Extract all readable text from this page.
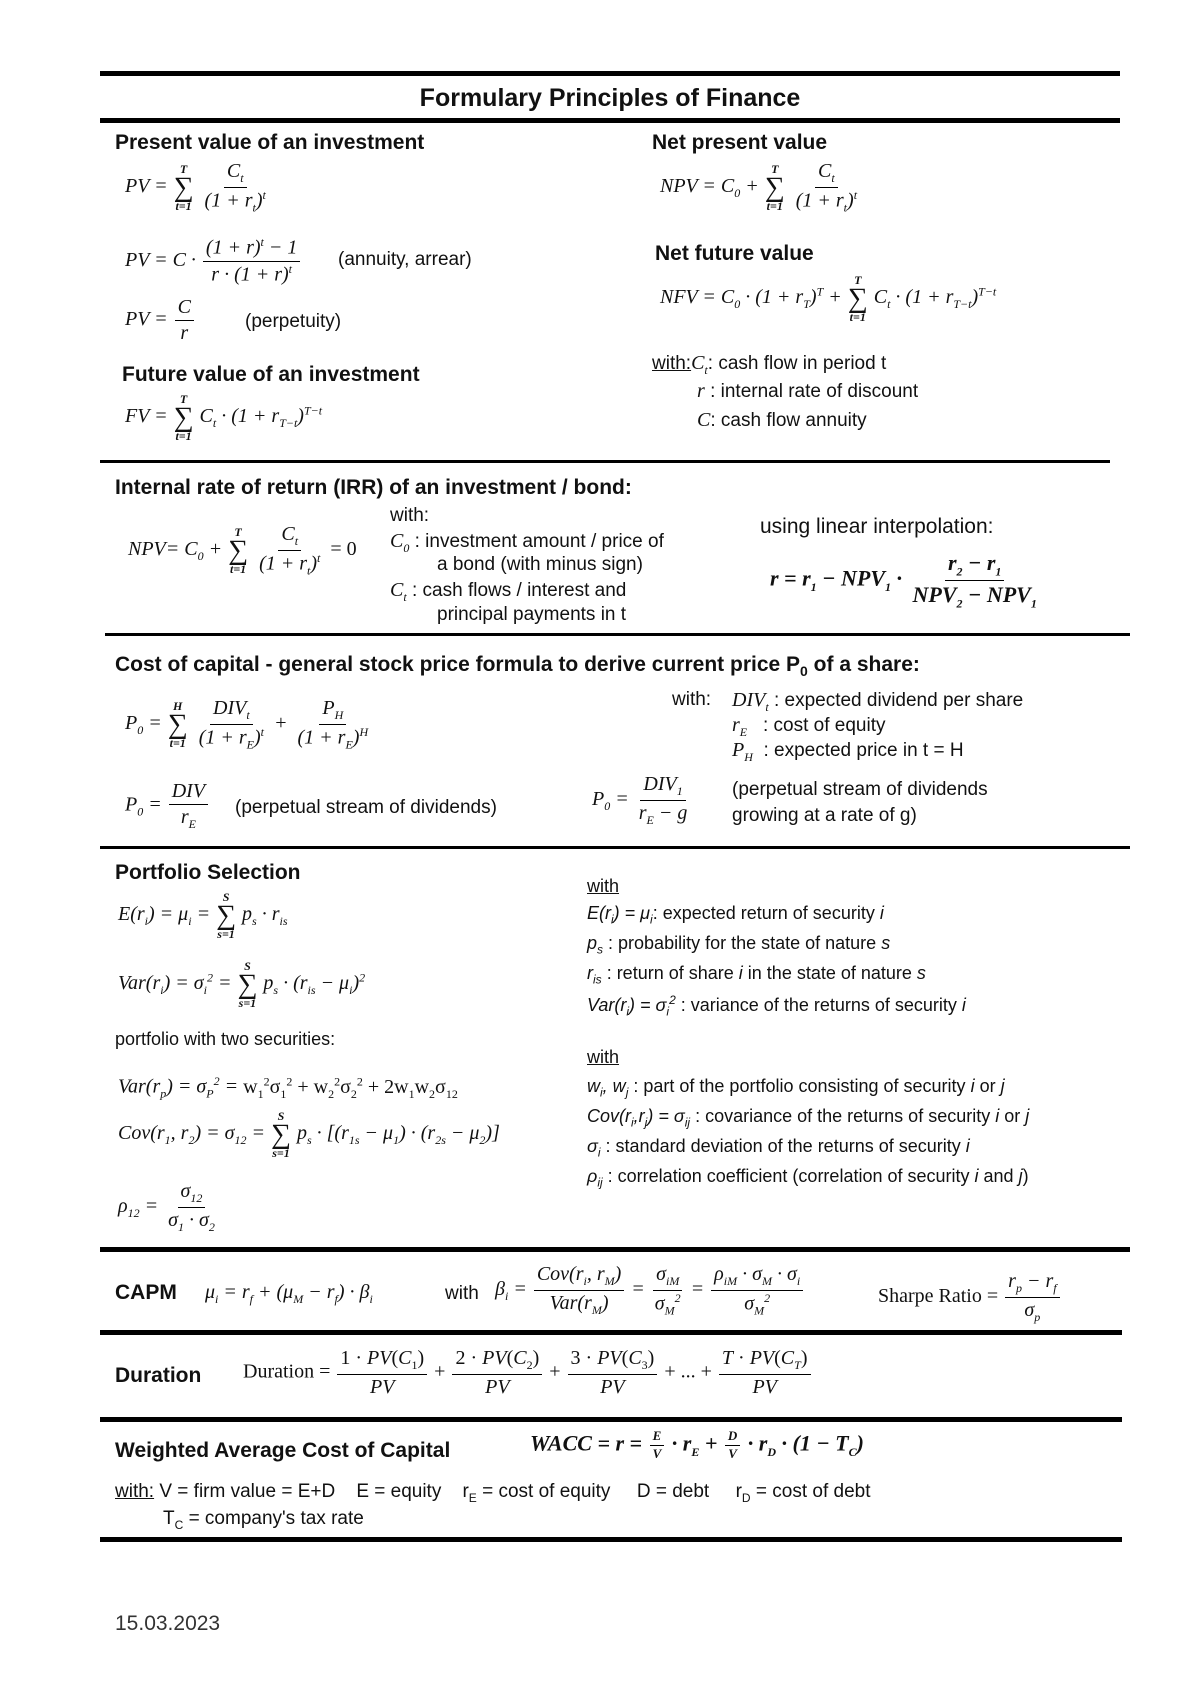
Formulary Principles of Finance
Present value of an investment
PV =
T
∑
t=1
$\frac{C_t}{(1 + r_t)^t}$
PV = $C \cdot \frac{(1 + r)^t - 1}{r \cdot (1 + r)^t}$ (annuity, arrear)
PV = $\frac{C}{r}$	(perpetuity)
Future value of an investment
FV =
T
∑
t=1
$C_t \cdot (1 + r_{T-t})^{T-t}$
Net present value
NPV = $C_0$ +
T
∑
t=1
$\frac{C_t}{(1 + r_t)^t}$
Net future value
NFV = $C_0 \cdot (1 + r_T)^T$ +
T
∑
t=1
$C_t \cdot (1 + r_{T-t})^{T-t}$
$with:C_t$: cash flow in period t
r : internal rate of discount
C: cash flow annuity
Internal rate of return (IRR) of an investment / bond:
$NPV= C_0$ +
T
∑
t=1
$\frac{C_t}{(1 + r_t)^t} = 0$
with:
$C_0$ : investment amount / price of
a bond (with minus sign)
$C_t$ : cash flows / interest and
principal payments in t
using linear interpolation:
$r = r_1 - NPV_1 \cdot \frac{r_2 - r_1}{NPV_2 - NPV_1}$
Cost of capital - general stock price formula to derive current price $P_0$ of a share:
$P_0$ =
H
∑
t=1
$\frac{DIV_t}{(1 + r_E)^t} + \frac{P_H}{(1 + r_E)^H}$
$P_0 = \frac{\text{DIV}}{r_E}$ (perpetual stream of dividends)
with: $DIV_t$ : expected dividend per share
$r_E$ : cost of equity
$P_H$ : expected price in t = H
$P_0 = \frac{DIV_1}{r_E - g}$ (perpetual stream of dividends
growing at a rate of g)
Portfolio Selection
$E(r_i) = \mu_i$ =
S
∑
s=1
$p_s \cdot r_{is}$
$Var(r_i) = \sigma_i^2$ =
S
∑
s=1
$p_s \cdot (r_{is} - \mu_i)^2$
portfolio with two securities:
$Var(r_p) = \sigma_P^2 = w_1^2\sigma_1^2 + w_2^2\sigma_2^2 + 2w_1w_2\sigma_{12}$
$Cov(r_1$, $r_2) = \sigma_{12}$ =
S
∑
s=1
$p_s \cdot [(r_{1s} - \mu_1) \cdot (r_{2s} - \mu_2)]$
$\rho_{12} = \frac{\sigma_{12}}{\sigma_1 \cdot \sigma_2}$
with
$E(r_i) = \mu_i$: expected return of security i
$p_s$ : probability for the state of nature s
$r_{is}$ : return of share i in the state of nature s
$Var(r_i) = \sigma_i^2$ : variance of the returns of security i
with
$w_i$, $w_j$ : part of the portfolio consisting of security i or j
$Cov(r_i,r_j) = \sigma_{ij}$ : covariance of the returns of security i or j
$\sigma_i$ : standard deviation of the returns of security i
$\rho_{ij}$ : correlation coefficient (correlation of security i and j)
CAPM $\mu_i = r_f + (\mu_M - r_f) \cdot \beta_i$	with $\beta_i = \frac{Cov(r_i, r_M)}{Var(r_M)} = \frac{\sigma_{iM}}{\sigma_M^2} = \frac{\rho_{iM} \cdot \sigma_M \cdot \sigma_i}{\sigma_M^2}$	Sharpe Ratio = $\frac{r_p - r_f}{\sigma_p}$
Duration Duration = $\frac{1 \cdot PV(C_1)}{PV} + \frac{2 \cdot PV(C_2)}{PV} + \frac{3 \cdot PV(C_3)}{PV}$ + ... + $\frac{T \cdot PV(C_T)}{PV}$
Weighted Average Cost of Capital	WACC = $r = \frac{E}{V} \cdot r_E + \frac{D}{V} \cdot r_D \cdot (1 - T_C)$
with: V = firm value = E+D E = equity    $r_E = \cos t$ of equity D = debt     $r_D = \cos t$ of debt
$T_C$ = company's tax rate
15.03.2023
